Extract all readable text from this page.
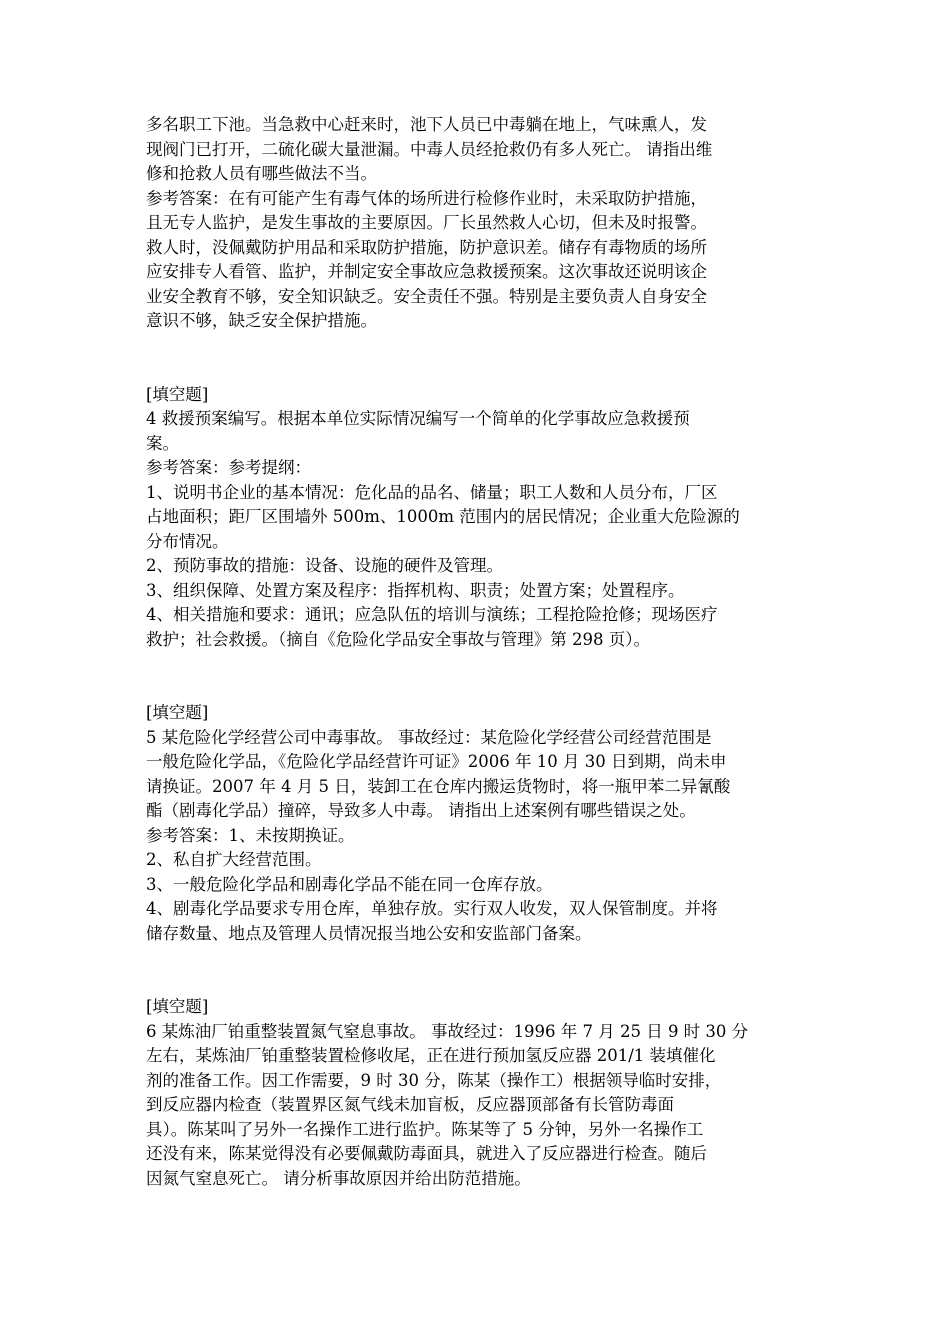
多名职工下池。当急救中心赶来时，池下人员已中毒躺在地上，气味熏人，发
现阀门已打开，二硫化碳大量泄漏。中毒人员经抢救仍有多人死亡。 请指出维
修和抢救人员有哪些做法不当。
参考答案：在有可能产生有毒气体的场所进行检修作业时，未采取防护措施，
且无专人监护，是发生事故的主要原因。厂长虽然救人心切，但未及时报警。
救人时，没佩戴防护用品和采取防护措施，防护意识差。储存有毒物质的场所
应安排专人看管、监护，并制定安全事故应急救援预案。这次事故还说明该企
业安全教育不够，安全知识缺乏。安全责任不强。特别是主要负责人自身安全
意识不够，缺乏安全保护措施。
[填空题]
4 救援预案编写。根据本单位实际情况编写一个简单的化学事故应急救援预
案。
参考答案：参考提纲：
1、说明书企业的基本情况：危化品的品名、储量；职工人数和人员分布，厂区
占地面积；距厂区围墙外 500m、1000m 范围内的居民情况；企业重大危险源的
分布情况。
2、预防事故的措施：设备、设施的硬件及管理。
3、组织保障、处置方案及程序：指挥机构、职责；处置方案；处置程序。
4、相关措施和要求：通讯；应急队伍的培训与演练；工程抢险抢修；现场医疗
救护；社会救援。（摘自《危险化学品安全事故与管理》第 298 页）。
[填空题]
5 某危险化学经营公司中毒事故。 事故经过：某危险化学经营公司经营范围是
一般危险化学品，《危险化学品经营许可证》2006 年 10 月 30 日到期，尚未申
请换证。2007 年 4 月 5 日，装卸工在仓库内搬运货物时，将一瓶甲苯二异氰酸
酯（剧毒化学品）撞碎，导致多人中毒。 请指出上述案例有哪些错误之处。
参考答案：1、未按期换证。
2、私自扩大经营范围。
3、一般危险化学品和剧毒化学品不能在同一仓库存放。
4、剧毒化学品要求专用仓库，单独存放。实行双人收发，双人保管制度。并将
储存数量、地点及管理人员情况报当地公安和安监部门备案。
[填空题]
6 某炼油厂铂重整装置氮气窒息事故。 事故经过：1996 年 7 月 25 日 9 时 30 分
左右，某炼油厂铂重整装置检修收尾，正在进行预加氢反应器 201/1 装填催化
剂的准备工作。因工作需要，9 时 30 分，陈某（操作工）根据领导临时安排，
到反应器内检查（装置界区氮气线未加盲板，反应器顶部备有长管防毒面
具）。陈某叫了另外一名操作工进行监护。陈某等了 5 分钟，另外一名操作工
还没有来，陈某觉得没有必要佩戴防毒面具，就进入了反应器进行检查。随后
因氮气窒息死亡。 请分析事故原因并给出防范措施。
